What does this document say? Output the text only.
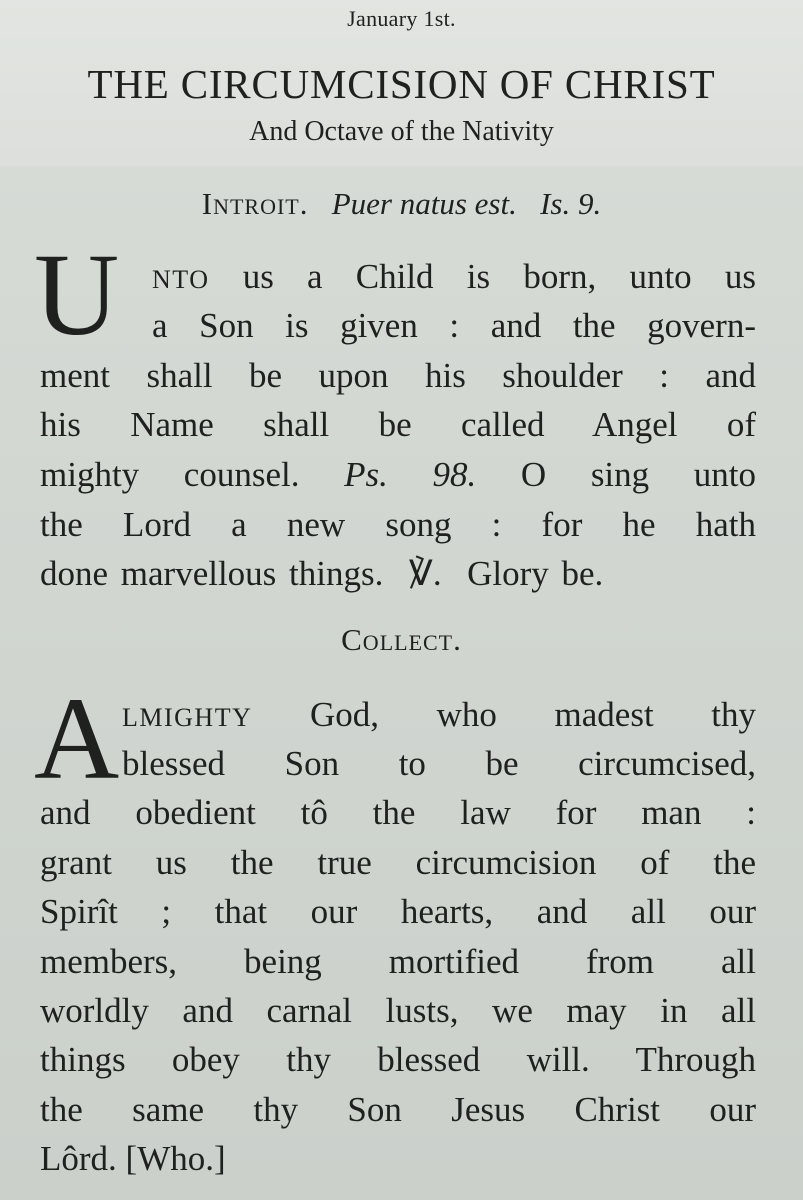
January 1st.
THE CIRCUMCISION OF CHRIST
And Octave of the Nativity
Introit. Puer natus est. Is. 9.
U NTO us a Child is born, unto us
a Son is given : and the govern-
ment shall be upon his shoulder : and
his Name shall be called Angel of
mighty counsel. Ps. 98. O sing unto
the Lord a new song : for he hath
done marvellous things. ℣. Glory be.
Collect.
A LMIGHTY God, who madest thy
blessed Son to be circumcised,
and obedient tô the law for man :
grant us the true circumcision of the
Spirît ; that our hearts, and all our
members, being mortified from all
worldly and carnal lusts, we may in all
things obey thy blessed will. Through
the same thy Son Jesus Christ our
Lôrd. [Who.]
